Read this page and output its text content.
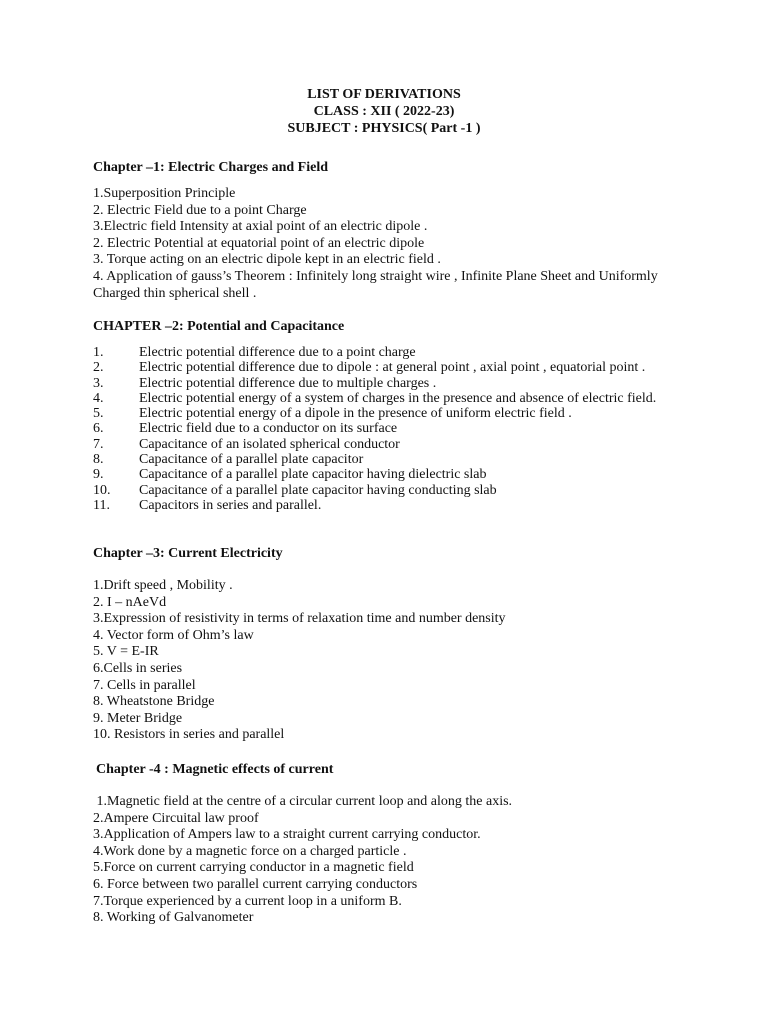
LIST OF DERIVATIONS
CLASS : XII ( 2022-23)
SUBJECT : PHYSICS( Part -1 )
Chapter –1: Electric Charges and Field
1.Superposition Principle
2. Electric Field due to a point Charge
3.Electric field Intensity at axial point of an electric dipole .
2. Electric Potential at equatorial point of an electric dipole
3. Torque acting on an electric dipole kept in an electric field .
4. Application of gauss’s Theorem : Infinitely long straight wire , Infinite Plane Sheet and Uniformly
Charged thin spherical shell .
CHAPTER –2: Potential and Capacitance
1.	Electric potential difference due to a point charge
2.	Electric potential difference due to dipole : at general point , axial point , equatorial point .
3.	Electric potential difference due to multiple charges .
4.	Electric potential energy of a system of charges in the presence and absence of electric field.
5.	Electric potential energy of a dipole in the presence of uniform electric field .
6.	Electric field due to a conductor on its surface
7.	Capacitance of an isolated spherical conductor
8.	Capacitance of a parallel plate capacitor
9.	Capacitance of a parallel plate capacitor having dielectric slab
10.	Capacitance of a parallel plate capacitor having conducting slab
11.	Capacitors in series and parallel.
Chapter –3: Current Electricity
1.Drift speed , Mobility .
2. I – nAeVd
3.Expression of resistivity in terms of relaxation time and number density
4. Vector form of Ohm’s law
5. V = E-IR
6.Cells in series
7. Cells in parallel
8. Wheatstone Bridge
9. Meter Bridge
10. Resistors in series and parallel
Chapter -4 : Magnetic effects of current
1.Magnetic field at the centre of a circular current loop and along the axis.
2.Ampere Circuital law proof
3.Application of Ampers law to a straight current carrying conductor.
4.Work done by a magnetic force on a charged particle .
5.Force on current carrying conductor in a magnetic field
6. Force between two parallel current carrying conductors
7.Torque experienced by a current loop in a uniform B.
8. Working of Galvanometer
